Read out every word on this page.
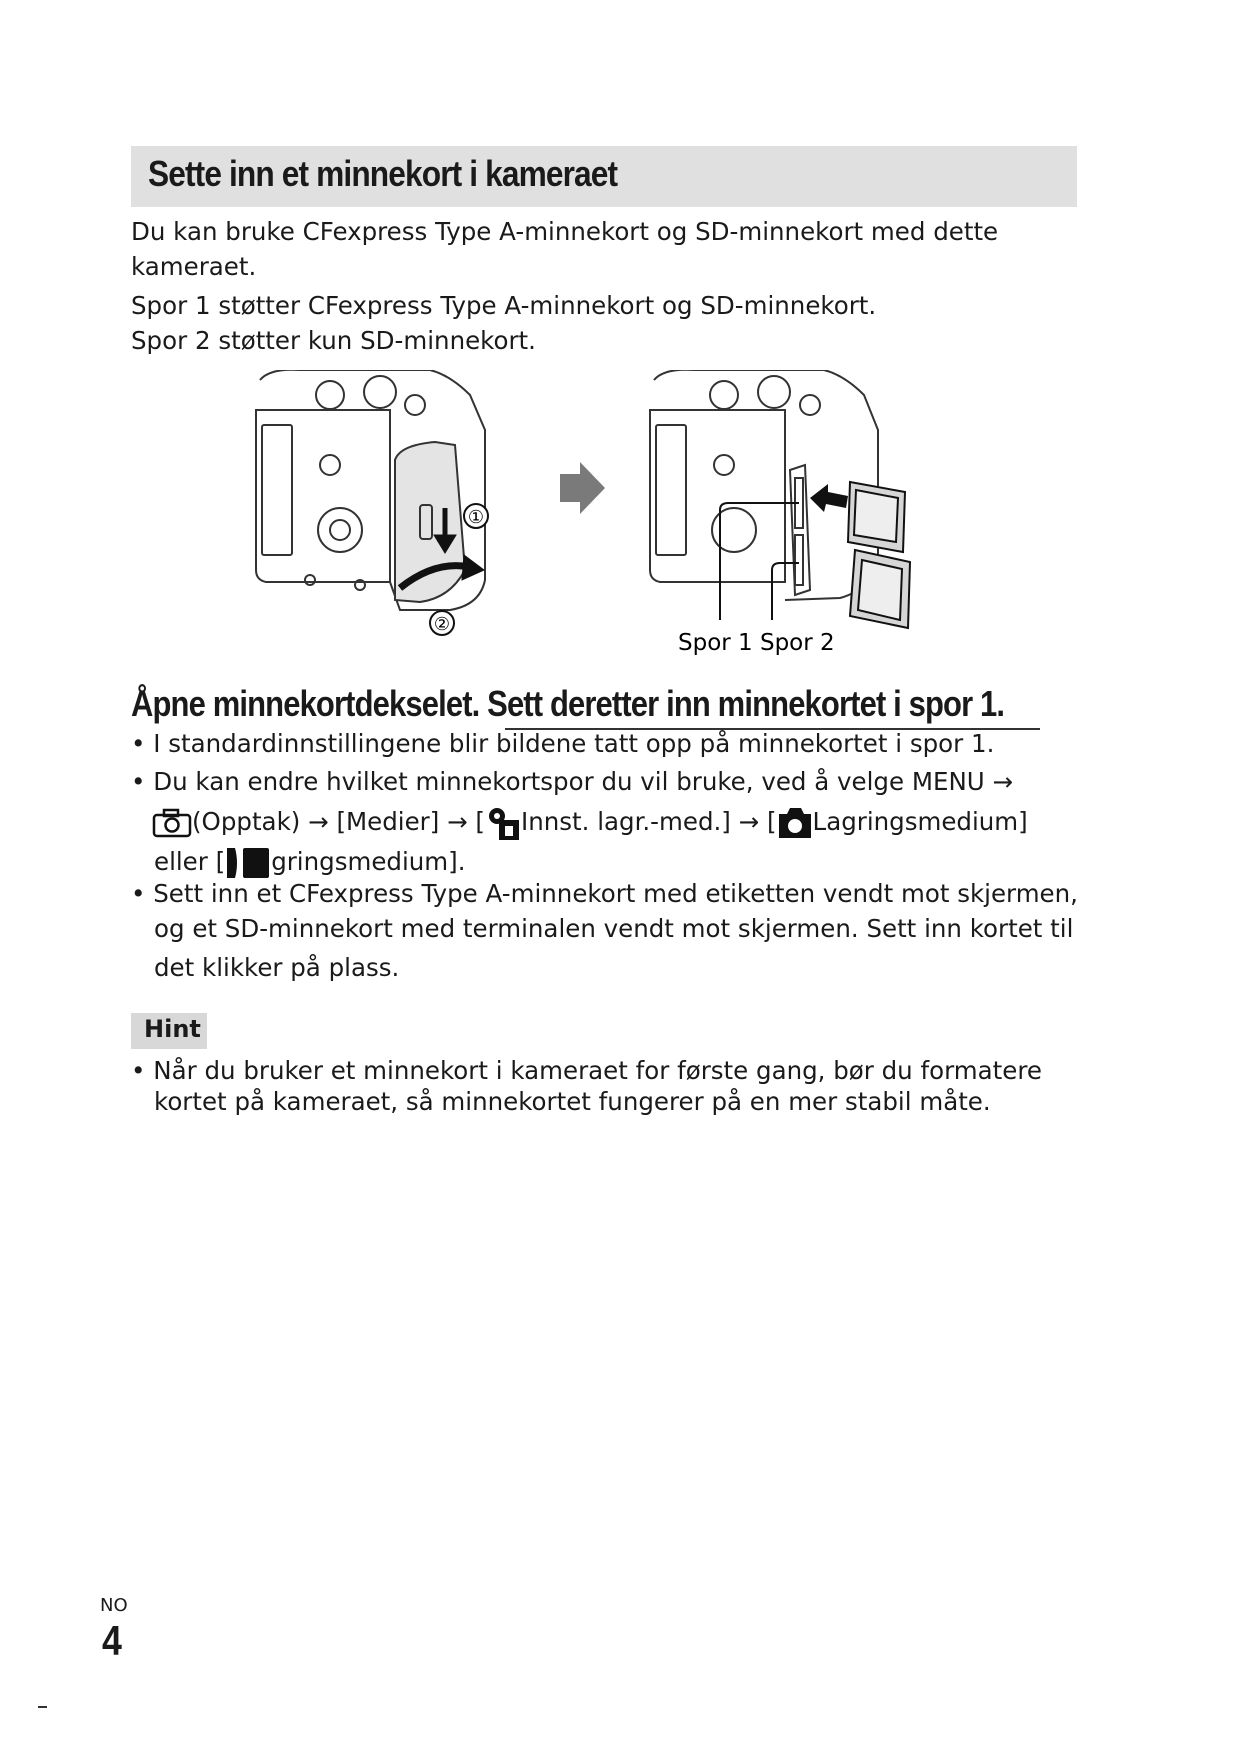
Sette inn et minnekort i kameraet
Du kan bruke CFexpress Type A-minnekort og SD-minnekort med dette
kameraet.
Spor 1 støtter CFexpress Type A-minnekort og SD-minnekort.
Spor 2 støtter kun SD-minnekort.
①
②
Spor 1 Spor 2
Åpne minnekortdekselet. Sett deretter inn minnekortet i spor 1.
• I standardinnstillingene blir bildene tatt opp på minnekortet i spor 1.
• Du kan endre hvilket minnekortspor du vil bruke, ved å velge MENU →
(Opptak) → [Medier] → [ Innst. lagr.-med.] → [ Lagringsmedium]
eller [ gringsmedium].
• Sett inn et CFexpress Type A-minnekort med etiketten vendt mot skjermen,
og et SD-minnekort med terminalen vendt mot skjermen. Sett inn kortet til
det klikker på plass.
Hint
• Når du bruker et minnekort i kameraet for første gang, bør du formatere
kortet på kameraet, så minnekortet fungerer på en mer stabil måte.
NO
4
